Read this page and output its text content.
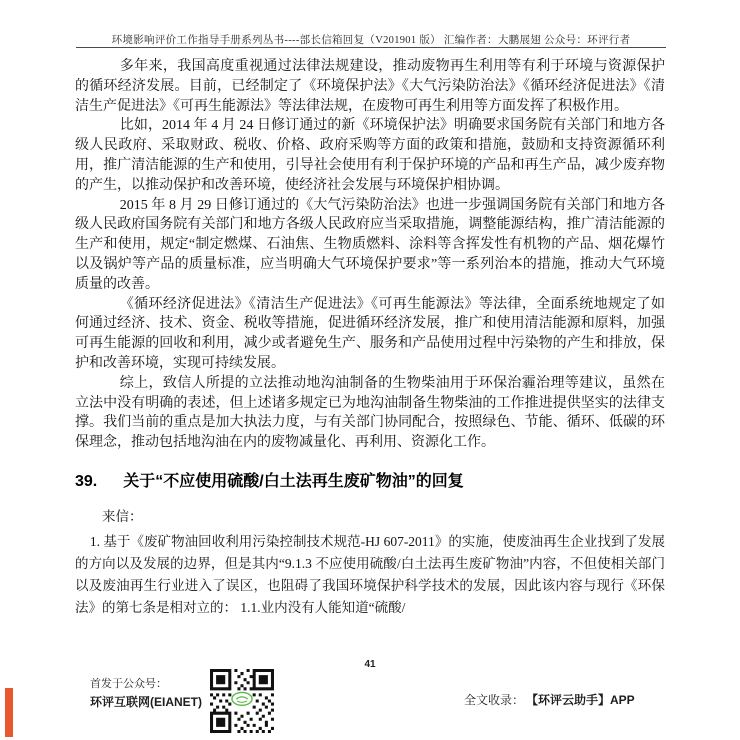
环境影响评价工作指导手册系列丛书----部长信箱回复（V201901 版） 汇编作者：大鹏展翅 公众号：环评行者

多年来，我国高度重视通过法律法规建设，推动废物再生利用等有利于环境与资源保护的循环经济发展。目前，已经制定了《环境保护法》《大气污染防治法》《循环经济促进法》《清洁生产促进法》《可再生能源法》等法律法规，在废物可再生利用等方面发挥了积极作用。

比如，2014 年 4 月 24 日修订通过的新《环境保护法》明确要求国务院有关部门和地方各级人民政府、采取财政、税收、价格、政府采购等方面的政策和措施，鼓励和支持资源循环利用，推广清洁能源的生产和使用，引导社会使用有利于保护环境的产品和再生产品，减少废弃物的产生，以推动保护和改善环境，使经济社会发展与环境保护相协调。

2015 年 8 月 29 日修订通过的《大气污染防治法》也进一步强调国务院有关部门和地方各级人民政府国务院有关部门和地方各级人民政府应当采取措施，调整能源结构，推广清洁能源的生产和使用，规定“制定燃煤、石油焦、生物质燃料、涂料等含挥发性有机物的产品、烟花爆竹以及锅炉等产品的质量标准，应当明确大气环境保护要求”等一系列治本的措施，推动大气环境质量的改善。

《循环经济促进法》《清洁生产促进法》《可再生能源法》等法律，全面系统地规定了如何通过经济、技术、资金、税收等措施，促进循环经济发展，推广和使用清洁能源和原料，加强可再生能源的回收和利用，减少或者避免生产、服务和产品使用过程中污染物的产生和排放，保护和改善环境，实现可持续发展。

综上，致信人所提的立法推动地沟油制备的生物柴油用于环保治霾治理等建议，虽然在立法中没有明确的表述，但上述诸多规定已为地沟油制备生物柴油的工作推进提供坚实的法律支撑。我们当前的重点是加大执法力度，与有关部门协同配合，按照绿色、节能、循环、低碳的环保理念，推动包括地沟油在内的废物减量化、再利用、资源化工作。

39. 关于“不应使用硫酸/白土法再生废矿物油”的回复

来信：

1. 基于《废矿物油回收利用污染控制技术规范-HJ 607-2011》的实施，使废油再生企业找到了发展的方向以及发展的边界，但是其内“9.1.3 不应使用硫酸/白土法再生废矿物油”内容，不但使相关部门以及废油再生行业进入了误区，也阻碍了我国环境保护科学技术的发展，因此该内容与现行《环保法》的第七条是相对立的： 1.1.业内没有人能知道“硫酸/

41
首发于公众号：
环评互联网(EIANET)	全文收录： 【环评云助手】APP
